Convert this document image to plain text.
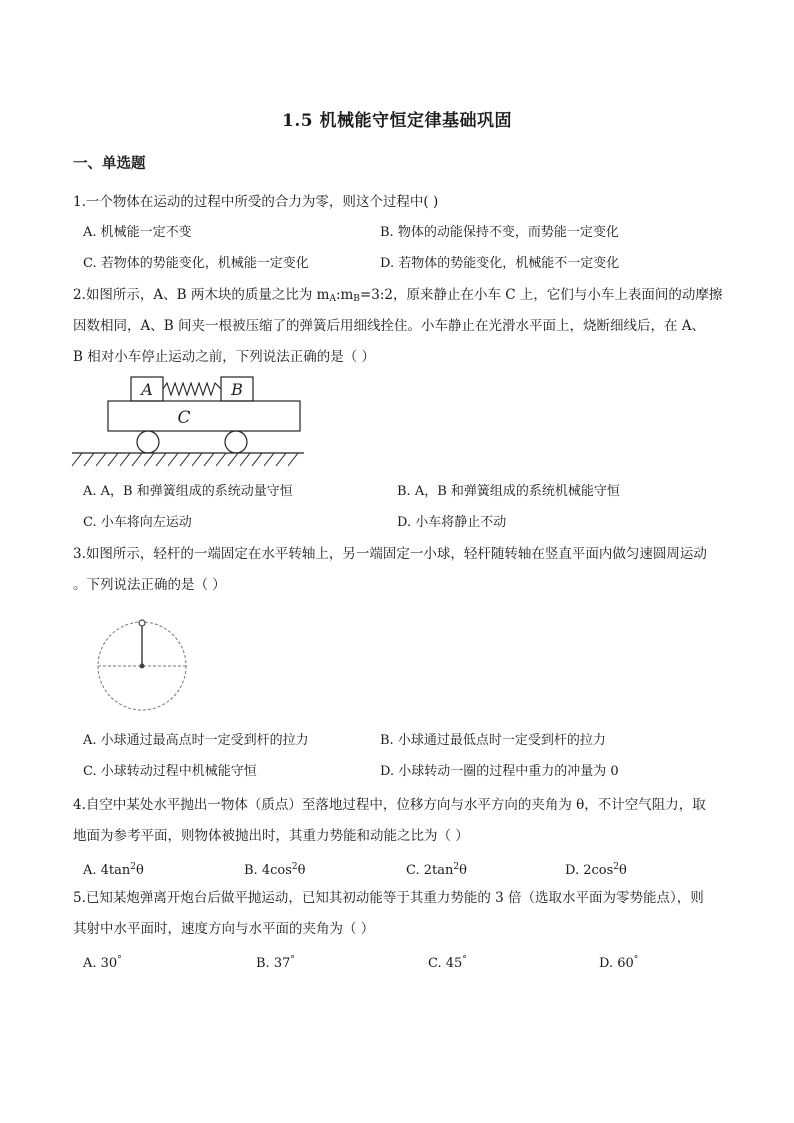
1.5 机械能守恒定律基础巩固
一、单选题
1.一个物体在运动的过程中所受的合力为零，则这个过程中( )
A. 机械能一定不变	B. 物体的动能保持不变，而势能一定变化
C. 若物体的势能变化，机械能一定变化	D. 若物体的势能变化，机械能不一定变化
2.如图所示，A、B 两木块的质量之比为 $m_A:m_B=3:2$，原来静止在小车 C 上，它们与小车上表面间的动摩擦
因数相同，A、B 间夹一根被压缩了的弹簧后用细线拴住。小车静止在光滑水平面上，烧断细线后，在 A、
B 相对小车停止运动之前，下列说法正确的是（ ）
A	B
C
A. A，B 和弹簧组成的系统动量守恒	B. A，B 和弹簧组成的系统机械能守恒
C. 小车将向左运动	D. 小车将静止不动
3.如图所示，轻杆的一端固定在水平转轴上，另一端固定一小球，轻杆随转轴在竖直平面内做匀速圆周运动
。下列说法正确的是（ ）
A. 小球通过最高点时一定受到杆的拉力	B. 小球通过最低点时一定受到杆的拉力
C. 小球转动过程中机械能守恒	D. 小球转动一圈的过程中重力的冲量为 0
4.自空中某处水平抛出一物体（质点）至落地过程中，位移方向与水平方向的夹角为 θ，不计空气阻力，取
地面为参考平面，则物体被抛出时，其重力势能和动能之比为（ ）
A. $4\tan^2\theta$	B. $4\cos^2\theta$	C. $2\tan^2\theta$	D. $2\cos^2\theta$
5.已知某炮弹离开炮台后做平抛运动，已知其初动能等于其重力势能的 3 倍（选取水平面为零势能点），则
其射中水平面时，速度方向与水平面的夹角为（ ）
A. 30°	B. 37°	C. 45°	D. 60°
